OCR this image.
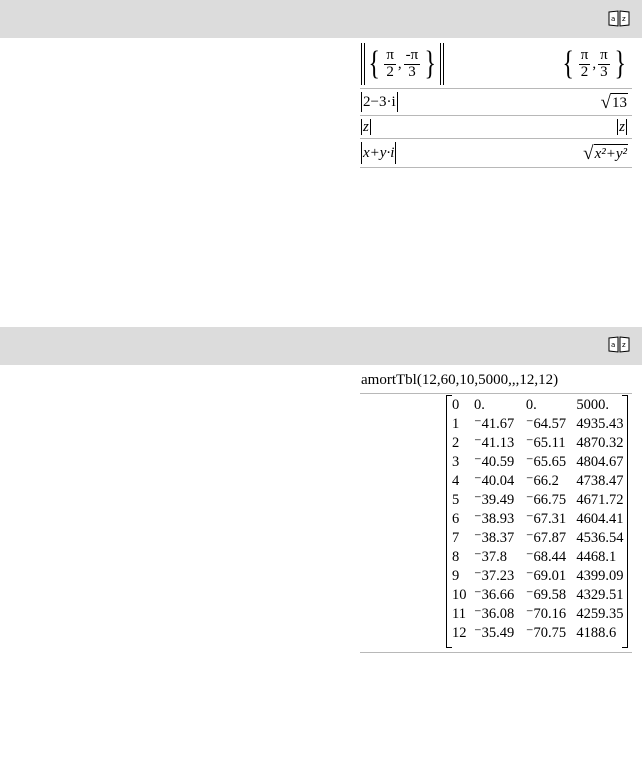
a z
{ $\frac{\pi}{2}$ , $\frac{-\pi}{3}$ }	{ $\frac{\pi}{2}$ , $\frac{\pi}{3}$ }
2−3·i	√ 13
z	z
x+y·i	√ x²+y²
a z
amortTbl(12,60,10,5000,,,12,12)
0	0.	0.	5000.
1	⁻41.67	⁻64.57	4935.43
2	⁻41.13	⁻65.11	4870.32
3	⁻40.59	⁻65.65	4804.67
4	⁻40.04	⁻66.2	4738.47
5	⁻39.49	⁻66.75	4671.72
6	⁻38.93	⁻67.31	4604.41
7	⁻38.37	⁻67.87	4536.54
8	⁻37.8	⁻68.44	4468.1
9	⁻37.23	⁻69.01	4399.09
10	⁻36.66	⁻69.58	4329.51
11	⁻36.08	⁻70.16	4259.35
12	⁻35.49	⁻70.75	4188.6
